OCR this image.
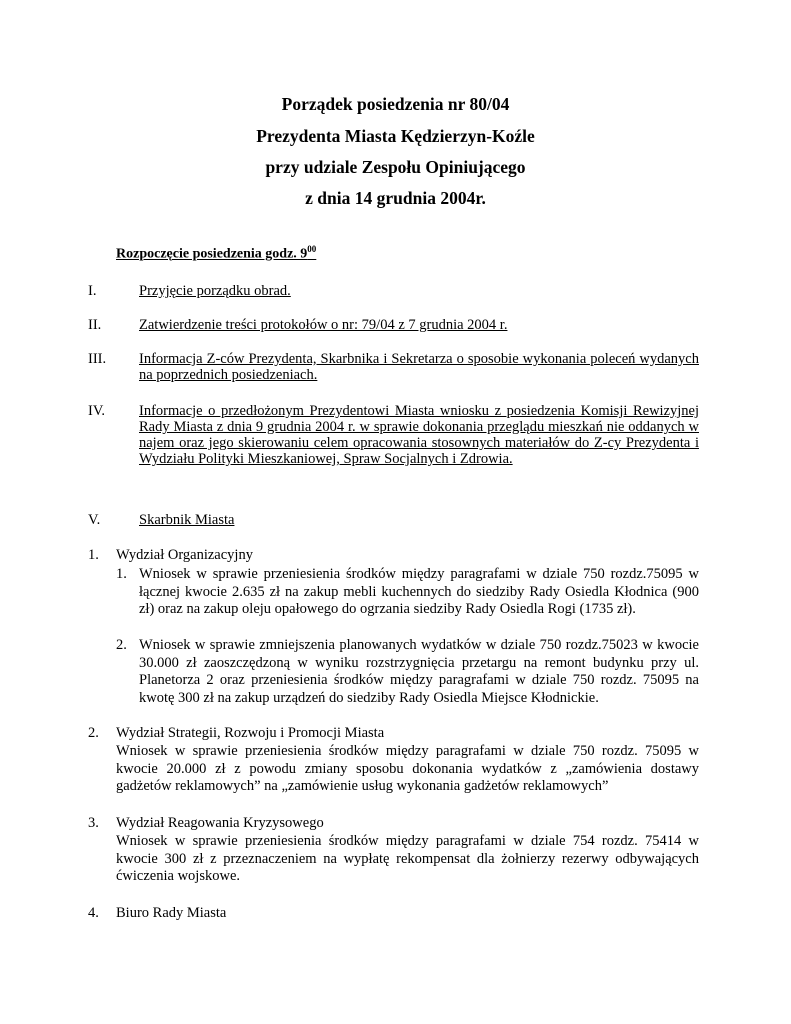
Porządek posiedzenia nr 80/04
Prezydenta Miasta Kędzierzyn-Koźle
przy udziale Zespołu Opiniującego
z dnia 14 grudnia 2004r.
Rozpoczęcie posiedzenia godz. $9^{00}$
I.	Przyjęcie porządku obrad.
II.	Zatwierdzenie treści protokołów o nr: 79/04 z 7 grudnia 2004 r.
III. Informacja Z-ców Prezydenta, Skarbnika i Sekretarza o sposobie wykonania poleceń wydanych na poprzednich posiedzeniach.
IV. Informacje o przedłożonym Prezydentowi Miasta wniosku z posiedzenia Komisji Rewizyjnej Rady Miasta z dnia 9 grudnia 2004 r. w sprawie dokonania przeglądu mieszkań nie oddanych w najem oraz jego skierowaniu celem opracowania stosownych materiałów do Z-cy Prezydenta i Wydziału Polityki Mieszkaniowej, Spraw Socjalnych i Zdrowia.
V.	Skarbnik Miasta
1. Wydział Organizacyjny
1. Wniosek w sprawie przeniesienia środków między paragrafami w dziale 750 rozdz.75095 w łącznej kwocie 2.635 zł na zakup mebli kuchennych do siedziby Rady Osiedla Kłodnica (900 zł) oraz na zakup oleju opałowego do ogrzania siedziby Rady Osiedla Rogi (1735 zł).
2. Wniosek w sprawie zmniejszenia planowanych wydatków w dziale 750 rozdz.75023 w kwocie 30.000 zł zaoszczędzoną w wyniku rozstrzygnięcia przetargu na remont budynku przy ul. Planetorza 2 oraz przeniesienia środków między paragrafami w dziale 750 rozdz. 75095 na kwotę 300 zł na zakup urządzeń do siedziby Rady Osiedla Miejsce Kłodnickie.
2. Wydział Strategii, Rozwoju i Promocji Miasta
Wniosek w sprawie przeniesienia środków między paragrafami w dziale 750 rozdz. 75095 w kwocie 20.000 zł z powodu zmiany sposobu dokonania wydatków z „zamówienia dostawy gadżetów reklamowych” na „zamówienie usług wykonania gadżetów reklamowych”
3. Wydział Reagowania Kryzysowego
Wniosek w sprawie przeniesienia środków między paragrafami w dziale 754 rozdz. 75414 w kwocie 300 zł z przeznaczeniem na wypłatę rekompensat dla żołnierzy rezerwy odbywających ćwiczenia wojskowe.
4. Biuro Rady Miasta
